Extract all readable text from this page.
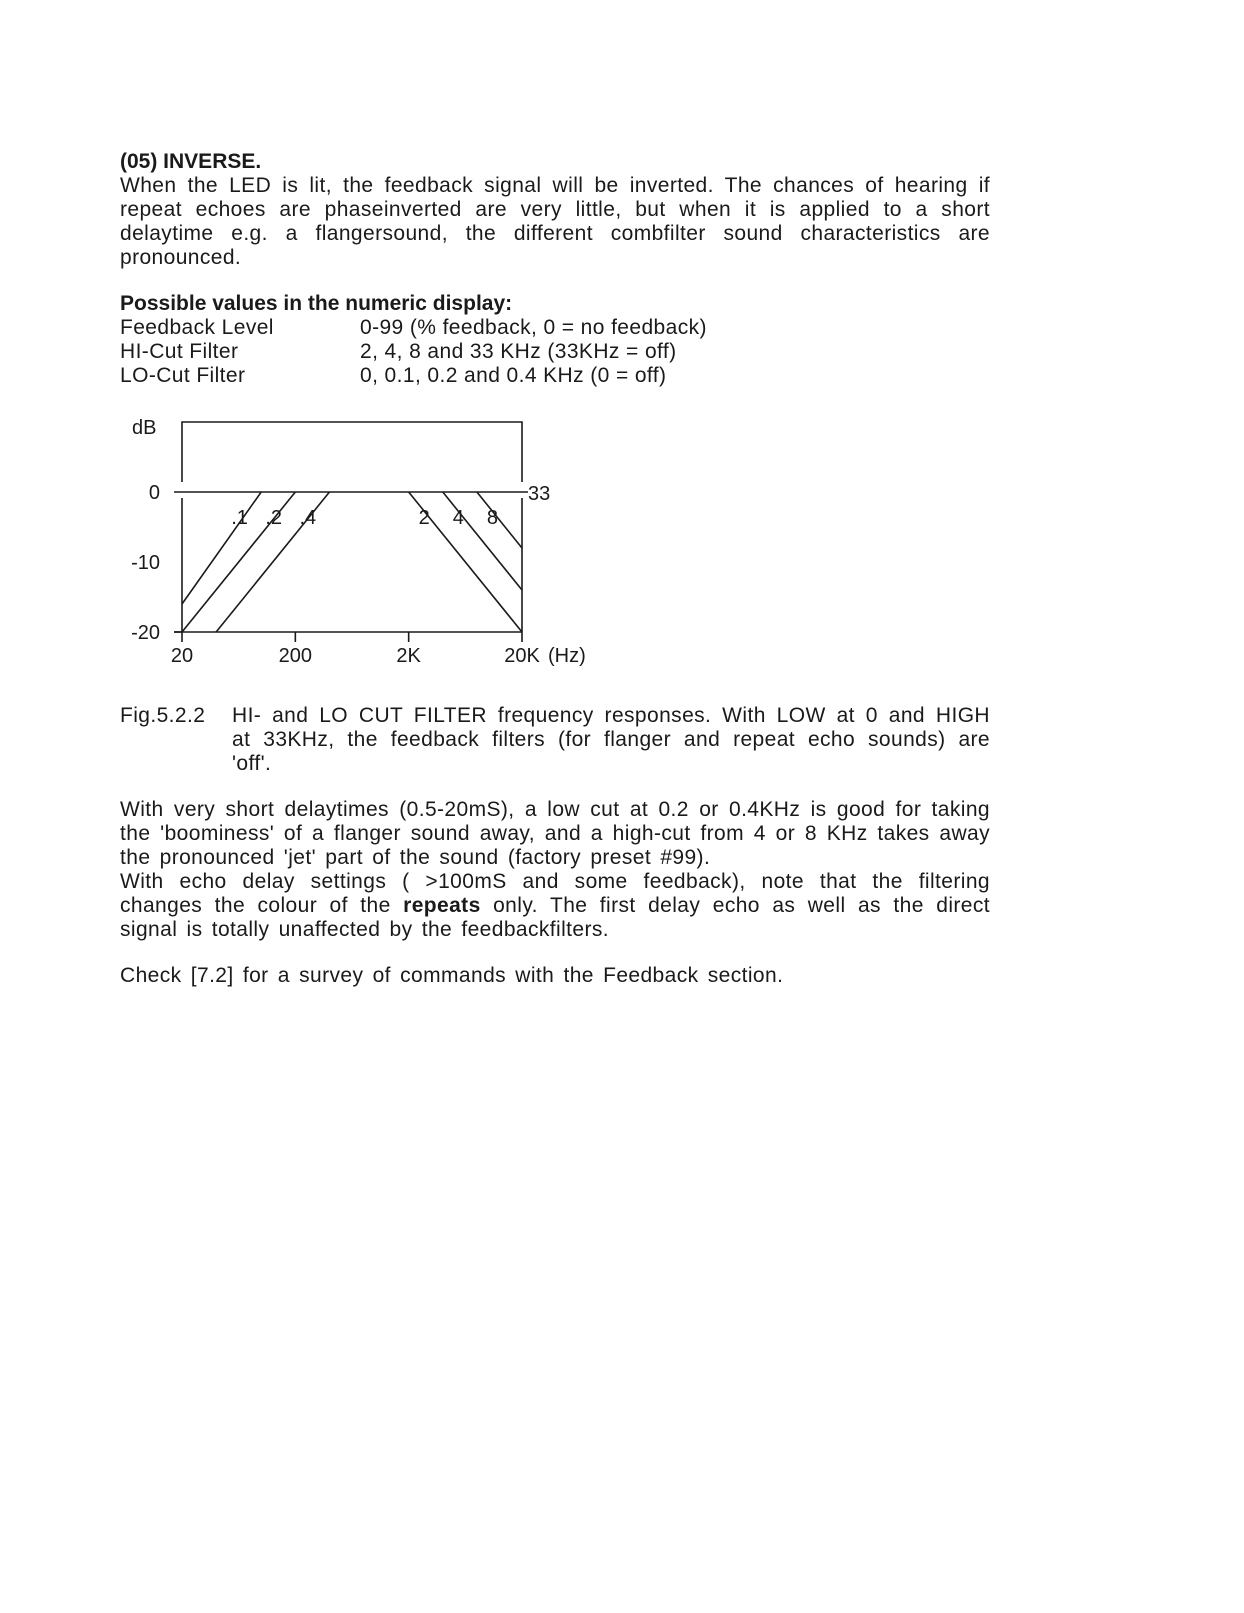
(05) INVERSE.

When the LED is lit, the feedback signal will be inverted. The chances of hearing if repeat echoes are phaseinverted are very little, but when it is applied to a short delaytime e.g. a flangersound, the different combfilter sound characteristics are pronounced.

Possible values in the numeric display:

Feedback Level	0-99 (% feedback, 0 = no feedback)
HI-Cut Filter	2, 4, 8 and 33 KHz (33KHz = off)
LO-Cut Filter	0, 0.1, 0.2 and 0.4 KHz (0 = off)
dB
(Hz)
0
-10
-20
20	200	2K	20K
.1 .2 .4	2 4 8
33
Fig.5.2.2	HI- and LO CUT FILTER frequency responses. With LOW at 0 and HIGH at 33KHz, the feedback filters (for flanger and repeat echo sounds) are 'off'.

With very short delaytimes (0.5-20mS), a low cut at 0.2 or 0.4KHz is good for taking the 'boominess' of a flanger sound away, and a high-cut from 4 or 8 KHz takes away the pronounced 'jet' part of the sound (factory preset #99).

With echo delay settings ( >100mS and some feedback), note that the filtering changes the colour of the repeats only. The first delay echo as well as the direct signal is totally unaffected by the feedbackfilters.

Check [7.2] for a survey of commands with the Feedback section.
